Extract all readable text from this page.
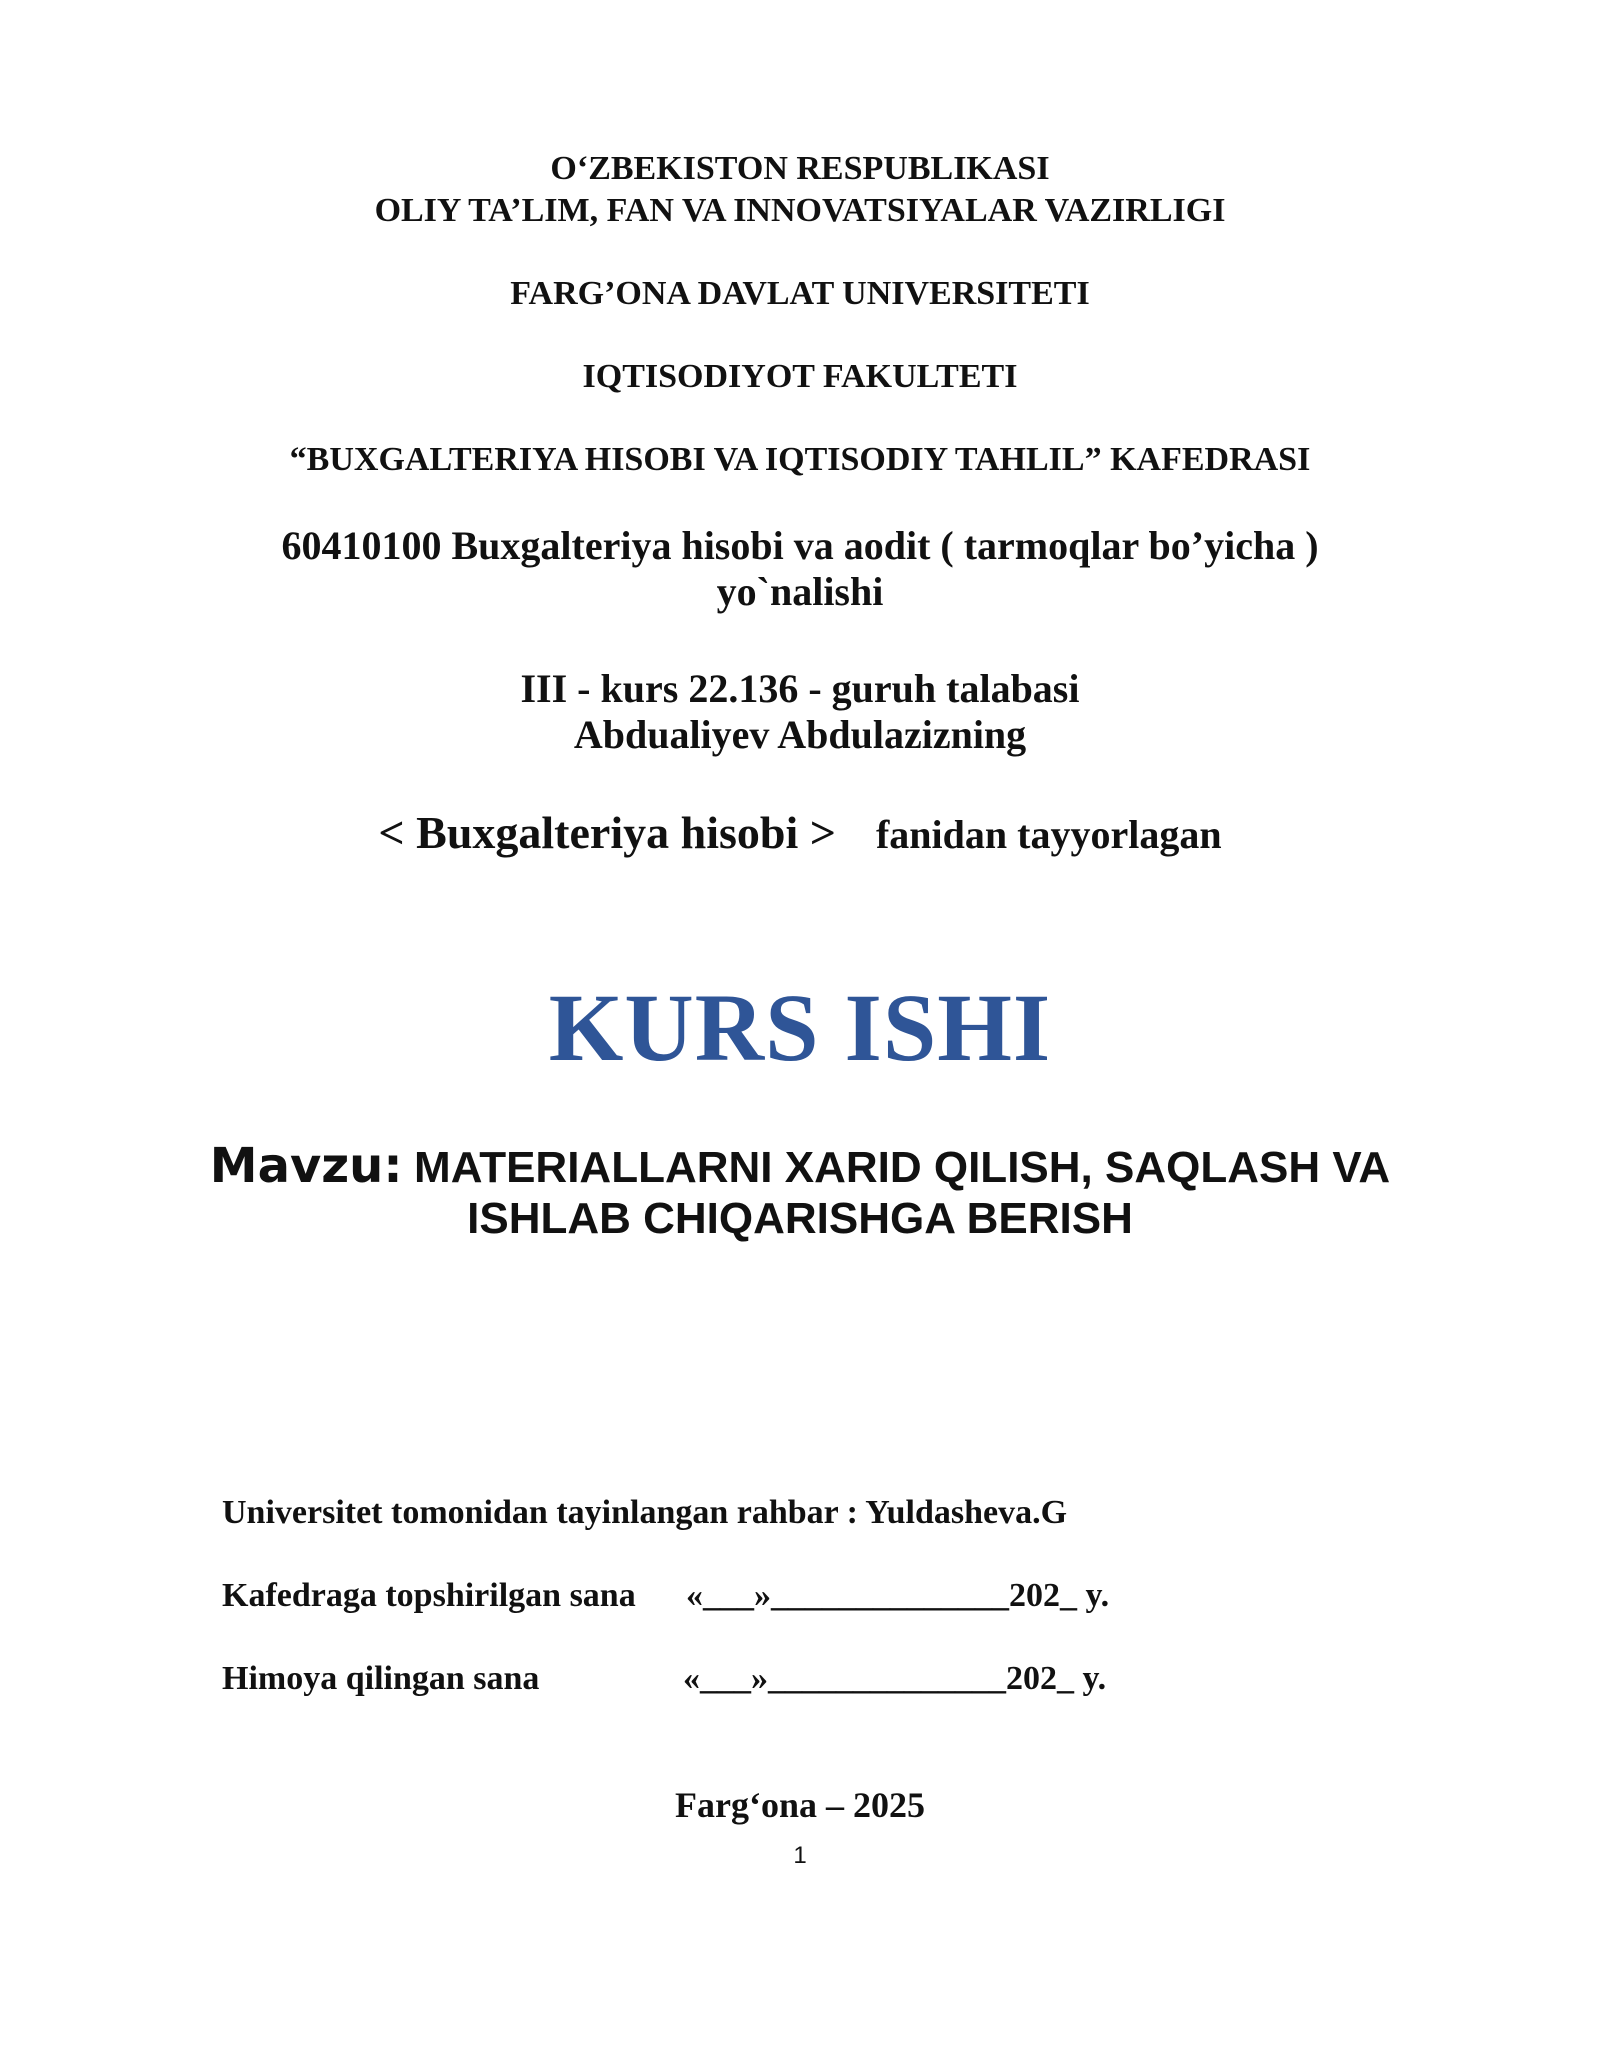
O‘ZBEKISTON RESPUBLIKASI
OLIY TA’LIM, FAN VA INNOVATSIYALAR VAZIRLIGI
FARG’ONA DAVLAT UNIVERSITETI
IQTISODIYOT FAKULTETI
“BUXGALTERIYA HISOBI VA IQTISODIY TAHLIL” KAFEDRASI
60410100 Buxgalteriya hisobi va aodit ( tarmoqlar bo’yicha )
yo`nalishi
III - kurs 22.136 - guruh talabasi
Abdualiyev Abdulazizning
< Buxgalteriya hisobi > fanidan tayyorlagan
KURS ISHI
Mavzu: MATERIALLARNI XARID QILISH, SAQLASH VA
ISHLAB CHIQARISHGA BERISH
Universitet tomonidan tayinlangan rahbar : Yuldasheva.G
Kafedraga topshirilgan sana «___»______________202_ y.
Himoya qilingan sana	«___»______________202_ y.
Farg‘ona – 2025
1
